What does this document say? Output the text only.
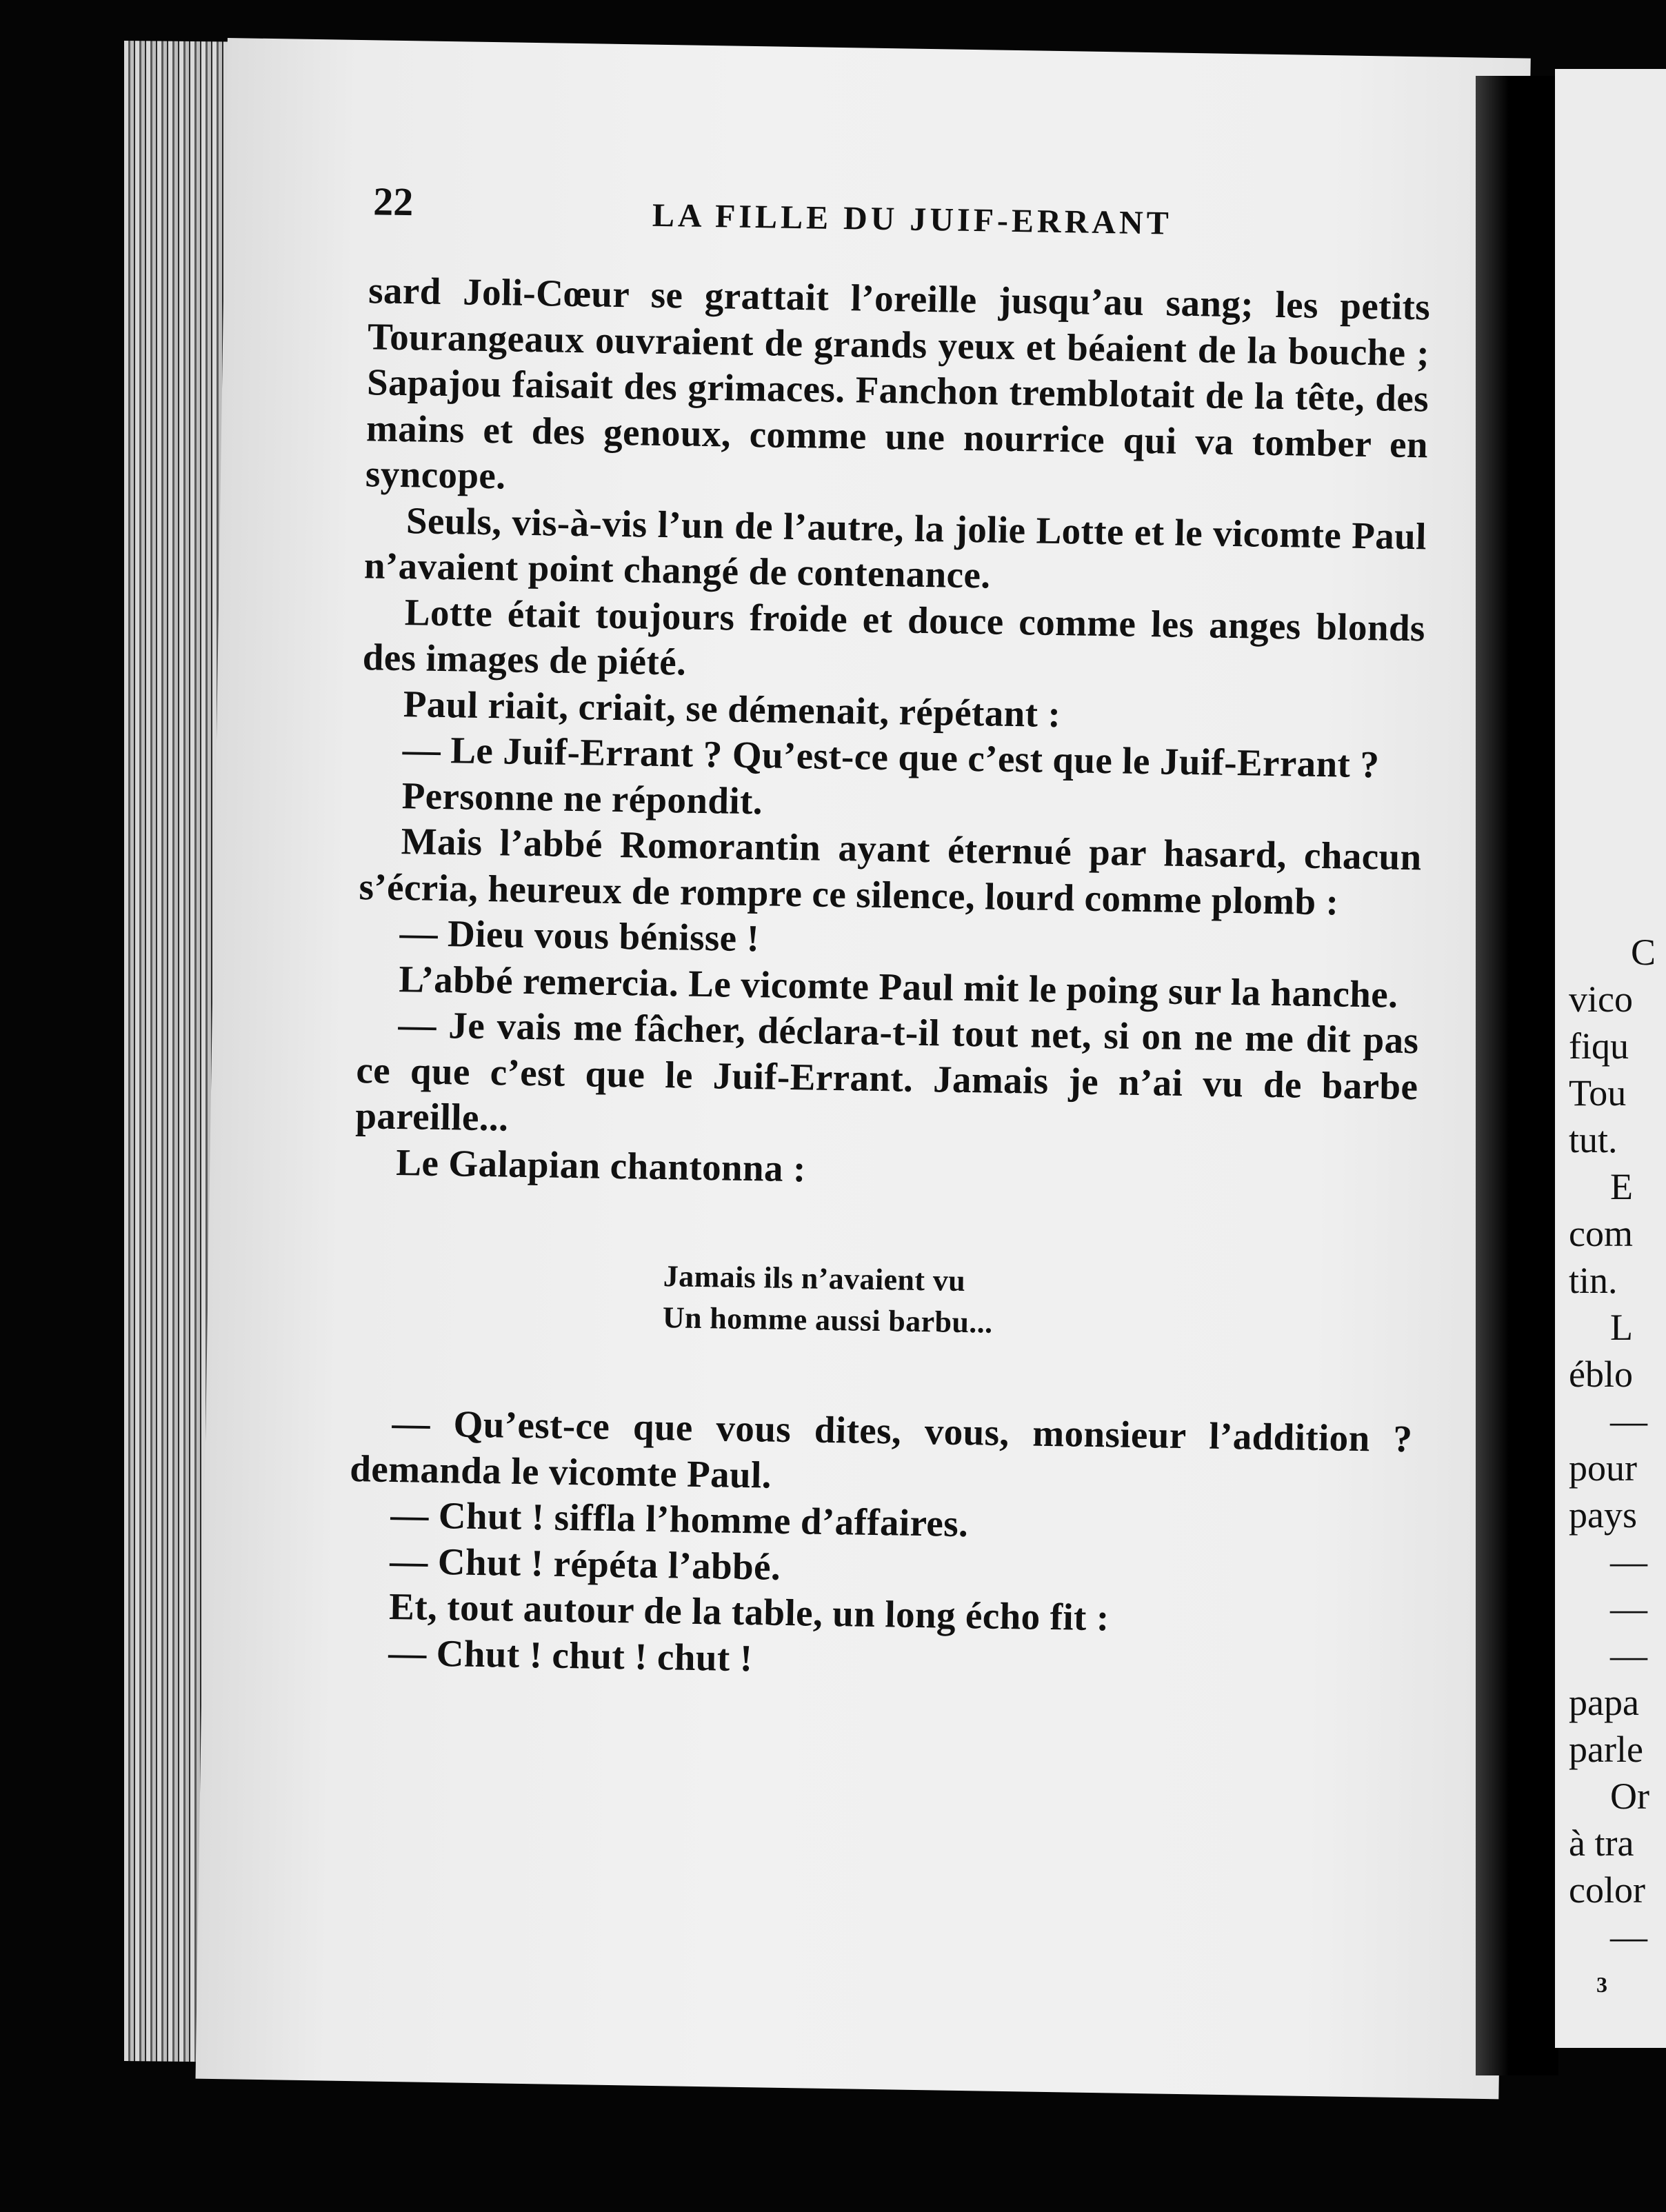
22	LA FILLE DU JUIF-ERRANT

sard Joli-Cœur se grattait l’oreille jusqu’au sang; les petits Tourangeaux ouvraient de grands yeux et béaient de la bouche ; Sapajou faisait des grimaces. Fanchon tremblotait de la tête, des mains et des genoux, comme une nourrice qui va tomber en syncope.

Seuls, vis-à-vis l’un de l’autre, la jolie Lotte et le vicomte Paul n’avaient point changé de contenance.

Lotte était toujours froide et douce comme les anges blonds des images de piété.

Paul riait, criait, se démenait, répétant :

— Le Juif-Errant ? Qu’est-ce que c’est que le Juif-Errant ?

Personne ne répondit.

Mais l’abbé Romorantin ayant éternué par hasard, chacun s’écria, heureux de rompre ce silence, lourd comme plomb :

— Dieu vous bénisse !

L’abbé remercia. Le vicomte Paul mit le poing sur la hanche.

— Je vais me fâcher, déclara-t-il tout net, si on ne me dit pas ce que c’est que le Juif-Errant. Jamais je n’ai vu de barbe pareille...

Le Galapian chantonna :

Jamais ils n’avaient vu
Un homme aussi barbu...

— Qu’est-ce que vous dites, vous, monsieur l’addition ? demanda le vicomte Paul.

— Chut ! siffla l’homme d’affaires.

— Chut ! répéta l’abbé.

Et, tout autour de la table, un long écho fit :

— Chut ! chut ! chut !

C
vico
fiqu
Tou
tut.
E
com
tin.
L
éblo
—
pour
pays
—
—
—
papa
parle
Or
à tra
color
—
3
